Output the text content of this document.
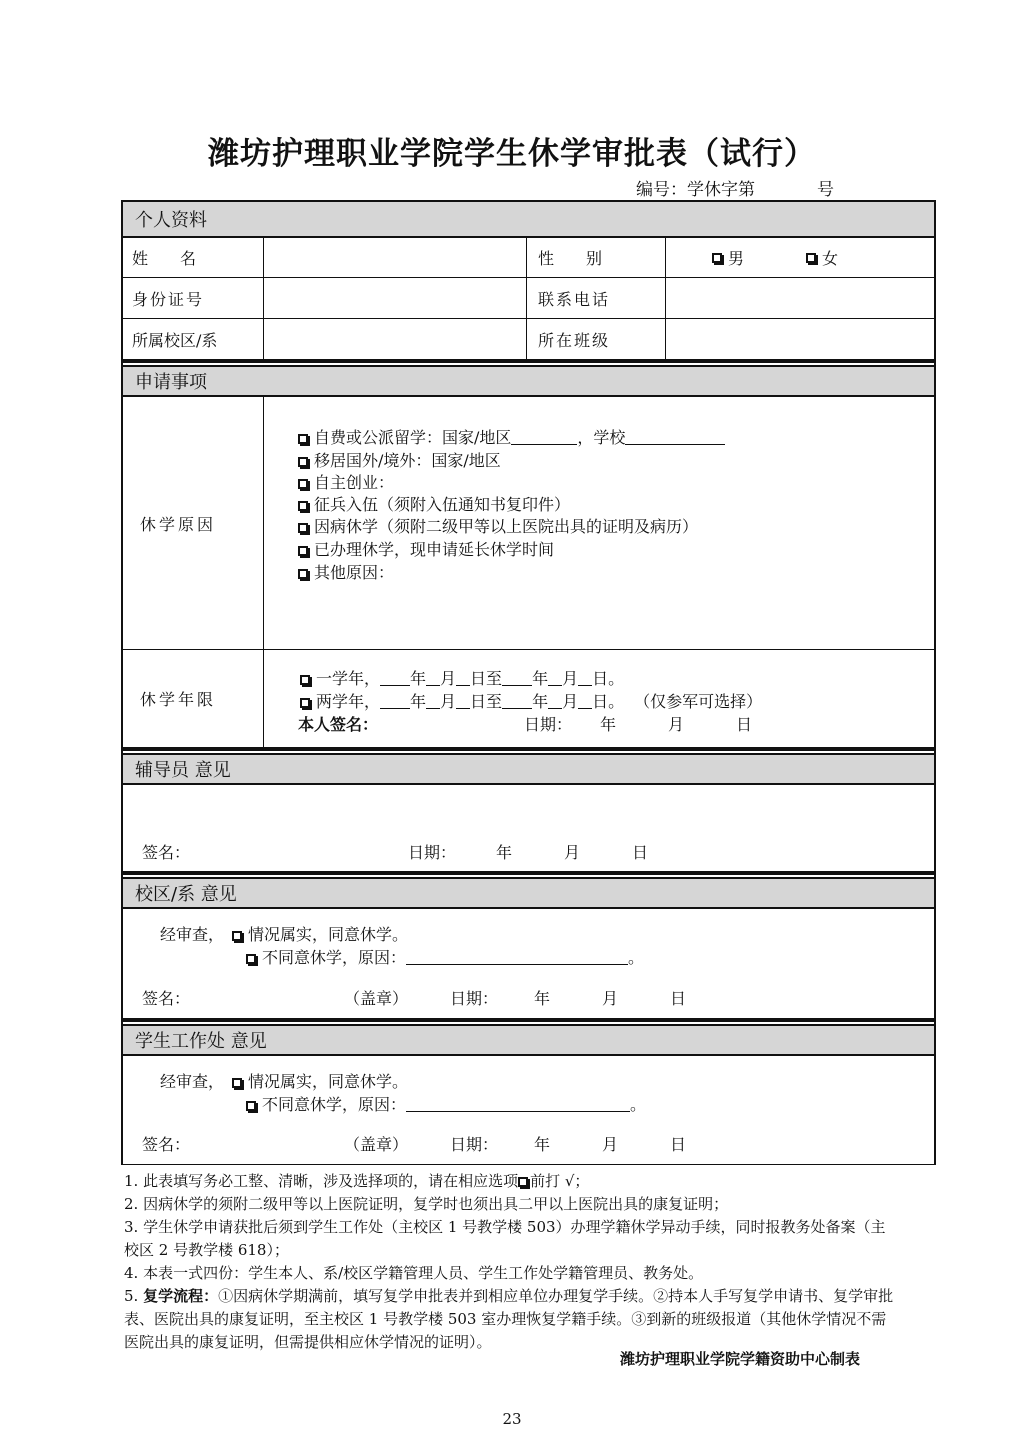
潍坊护理职业学院学生休学审批表（试行）
编号：学休字第	号
个人资料
姓　　名	性　　别	男	女
身份证号	联系电话
所属校区/系	所在班级
申请事项
休学原因
自费或公派留学：国家/地区	，学校
移居国外/境外：国家/地区
自主创业：
征兵入伍（须附入伍通知书复印件）
因病休学（须附二级甲等以上医院出具的证明及病历）
已办理休学，现申请延长休学时间
其他原因：
休学年限
一学年， 年 月 日至 年 月 日。
两学年， 年 月 日至 年 月 日。 （仅参军可选择）
本人签名：	日期： 年	月	日
辅导员 意见
签名：	日期：	年	月	日
校区/系 意见
经审查， 情况属实，同意休学。
不同意休学，原因：	。
签名：	（盖章）	日期： 年	月	日
学生工作处 意见
经审查， 情况属实，同意休学。
不同意休学，原因：	。
签名：	（盖章）	日期： 年	月	日

1. 此表填写务必工整、清晰，涉及选择项的，请在相应选项 前打 √；

2. 因病休学的须附二级甲等以上医院证明，复学时也须出具二甲以上医院出具的康复证明；

3. 学生休学申请获批后须到学生工作处（主校区 1 号教学楼 503）办理学籍休学异动手续，同时报教务处备案（主校区 2 号教学楼 618）；

4. 本表一式四份：学生本人、系/校区学籍管理人员、学生工作处学籍管理员、教务处。

5. 复学流程：①因病休学期满前，填写复学申批表并到相应单位办理复学手续。②持本人手写复学申请书、复学审批表、医院出具的康复证明，至主校区 1 号教学楼 503 室办理恢复学籍手续。③到新的班级报道（其他休学情况不需医院出具的康复证明，但需提供相应休学情况的证明）。

潍坊护理职业学院学籍资助中心制表
23
